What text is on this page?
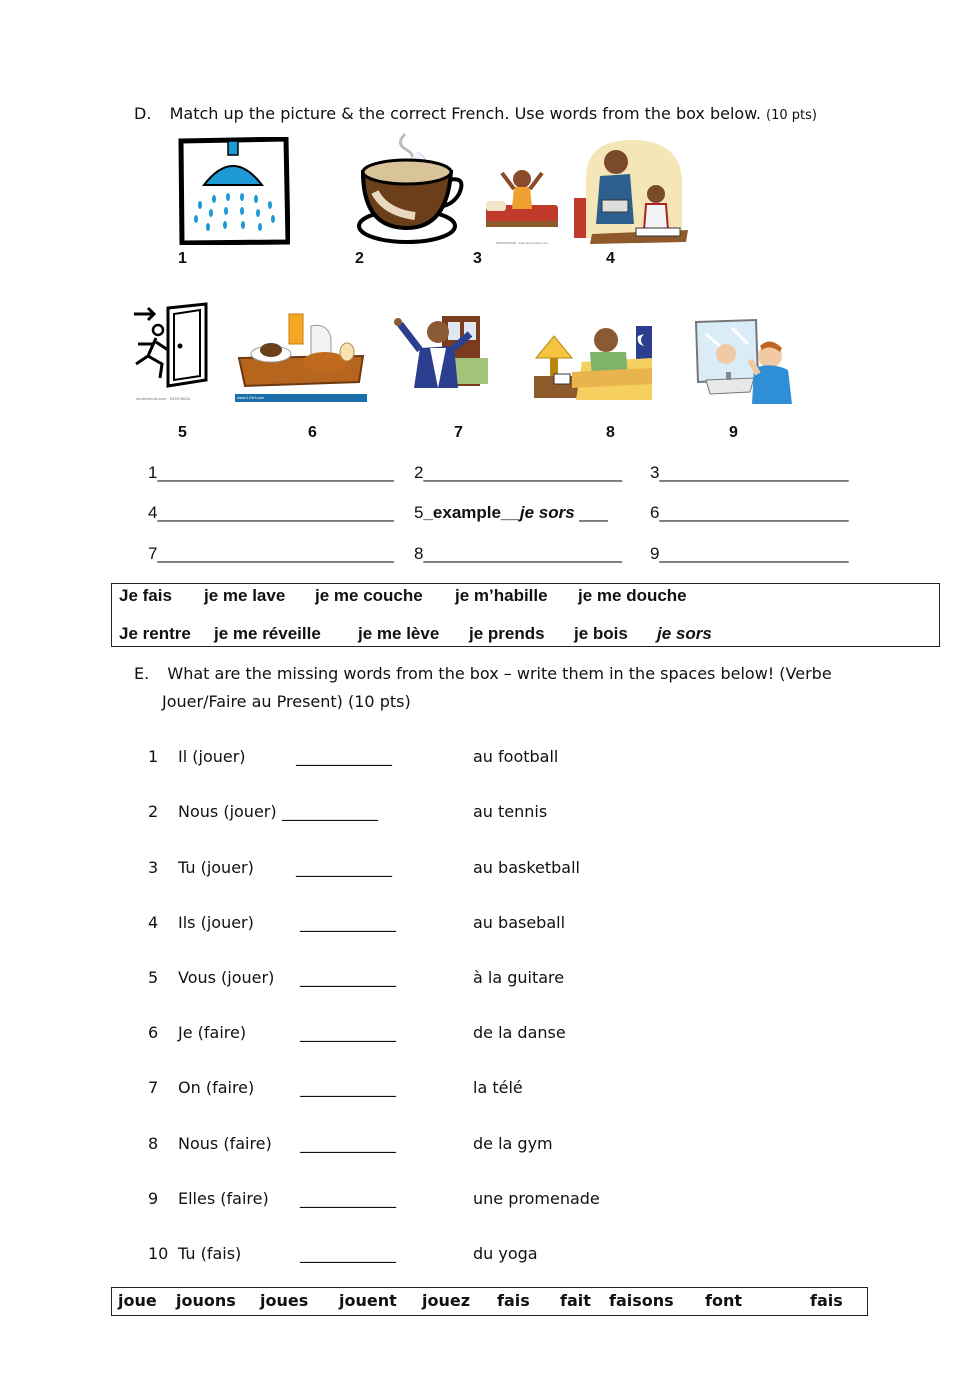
D. Match up the picture & the correct French. Use words from the box below. (10 pts)
DREAMSTIME · www.dreamstime.com
1	2	3	4
shutterstock.com · 251678628	www.123rf.com
5	6	7	8	9
1_________________________ 2_____________________ 3____________________
4_________________________ 5_example__je sors ___ 6____________________
7_________________________ 8_____________________ 9____________________
Je fais je me lave je me couche je m’habille je me douche
Je rentre je me réveille je me lève je prends je bois je sors
E. What are the missing words from the box – write them in the spaces below! (Verbe
Jouer/Faire au Present) (10 pts)
1 Il (jouer)	____________	au football
2 Nous (jouer) ____________	au tennis
3 Tu (jouer)	____________	au basketball
4 Ils (jouer)	____________	au baseball
5 Vous (jouer) ____________	à la guitare
6 Je (faire)	____________	de la danse
7 On (faire)	____________	la télé
8 Nous (faire) ____________	de la gym
9 Elles (faire) ____________	une promenade
10 Tu (fais)	____________	du yoga
joue jouons joues jouent jouez fais fait faisons font	fais
